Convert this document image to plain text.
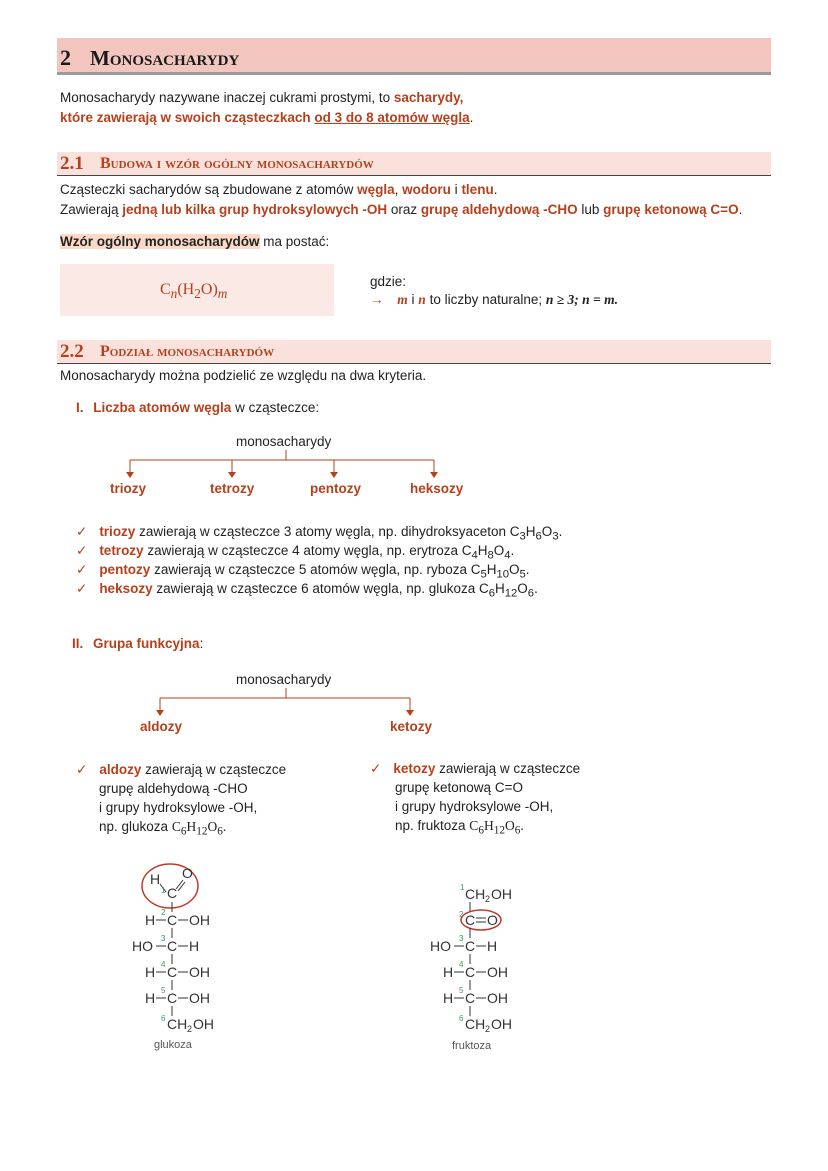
2 Monosacharydy
Monosacharydy nazywane inaczej cukrami prostymi, to sacharydy,
które zawierają w swoich cząsteczkach od 3 do 8 atomów węgla.
2.1 Budowa i wzór ogólny monosacharydów
Cząsteczki sacharydów są zbudowane z atomów węgla, wodoru i tlenu.
Zawierają jedną lub kilka grup hydroksylowych -OH oraz grupę aldehydową -CHO lub grupę ketonową C=O.
Wzór ogólny monosacharydów ma postać:
$C_n(H_2O)_m$
gdzie:
→ m i n to liczby naturalne; n ≥ 3; n = m.
2.2 Podział monosacharydów
Monosacharydy można podzielić ze względu na dwa kryteria.
I. Liczba atomów węgla w cząsteczce:
monosacharydy
triozy	tetrozy	pentozy	heksozy
✓ triozy zawierają w cząsteczce 3 atomy węgla, np. dihydroksyaceton $C_3H_6O_3$.
✓ tetrozy zawierają w cząsteczce 4 atomy węgla, np. erytroza $C_4H_8O_4$.
✓ pentozy zawierają w cząsteczce 5 atomów węgla, np. ryboza $C_5H_{10}O_5$.
✓ heksozy zawierają w cząsteczce 6 atomów węgla, np. glukoza $C_6H_{12}O_6$.
II. Grupa funkcyjna:
monosacharydy
aldozy	ketozy
✓ aldozy zawierają w cząsteczce
grupę aldehydową -CHO
i grupy hydroksylowe -OH,
np. glukoza $C_6H_{12}O_6$.
✓ ketozy zawierają w cząsteczce
grupę ketonową C=O
i grupy hydroksylowe -OH,
np. fruktoza $C_6H_{12}O_6$.
H
1 C
O
H 2 C OH
HO 3 C H
H 4 C OH
H 5 C OH
6 CH 2 OH
glukoza
1 CH 2 OH
2 C O
HO 3 C H
H 4 C OH
H 5 C OH
6 CH 2 OH
fruktoza
